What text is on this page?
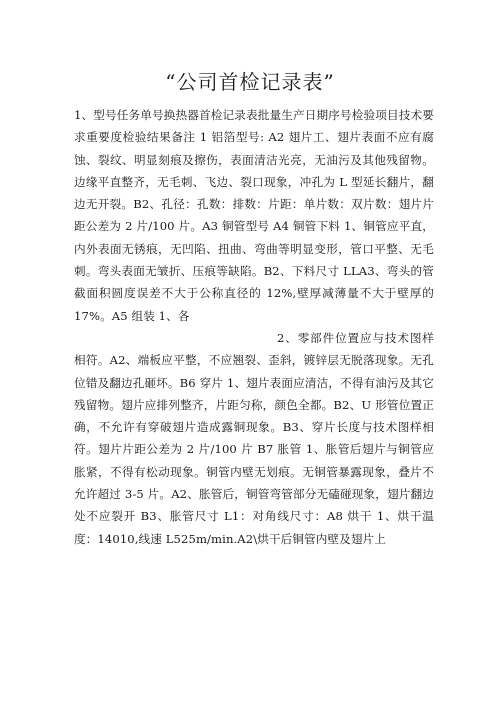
“公司首检记录表”

1、型号任务单号换热器首检记录表批量生产日期序号检验项目技术要求重要度检验结果备注 1 铝箔型号: A2 翅片工、翅片表面不应有腐蚀、裂纹、明显刻痕及擦伤，表面清洁光亮，无油污及其他残留物。边缘平直整齐，无毛刺、飞边、裂口现象，冲孔为 L 型延长翻片，翻边无开裂。B2、孔径：孔数：排数：片距：单片数：双片数：翅片片距公差为 2 片/100 片。A3 铜管型号 A4 铜管下料 1、铜管应平直，内外表面无锈痕，无凹陷、扭曲、弯曲等明显变形，管口平整、无毛刺。弯头表面无皱折、压痕等缺陷。B2、下料尺寸 LLA3、弯头的管截面积圆度误差不大于公称直径的 12%,壁厚减薄量不大于壁厚的 17%。A5 组装 1、各

2、零部件位置应与技术图样相符。A2、端板应平整，不应翘裂、歪斜，镀锌层无脱落现象。无孔位错及翻边孔砸坏。B6 穿片 1、翅片表面应清洁，不得有油污及其它残留物。翅片应排列整齐，片距匀称，颜色全都。B2、U 形管位置正确，不允许有穿破翅片造成露铜现象。B3、穿片长度与技术图样相符。翅片片距公差为 2 片/100 片 B7 胀管 1、胀管后翅片与铜管应胀紧，不得有松动现象。铜管内壁无划痕。无铜管暴露现象，叠片不允许超过 3-5 片。A2、胀管后，铜管弯管部分无磕碰现象，翅片翻边处不应裂开 B3、胀管尺寸 L1：对角线尺寸：A8 烘干 1、烘干温度：14010,线速 L525m/min.A2\烘干后铜管内壁及翅片上
